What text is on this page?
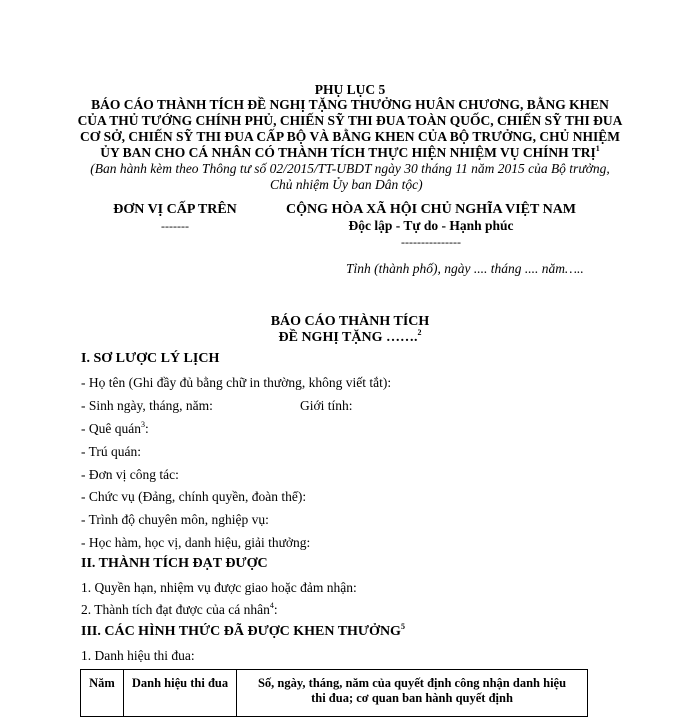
PHỤ LỤC 5
BÁO CÁO THÀNH TÍCH ĐỀ NGHỊ TẶNG THƯỞNG HUÂN CHƯƠNG, BẰNG KHEN
CỦA THỦ TƯỚNG CHÍNH PHỦ, CHIẾN SỸ THI ĐUA TOÀN QUỐC, CHIẾN SỸ THI ĐUA
CƠ SỞ, CHIẾN SỸ THI ĐUA CẤP BỘ VÀ BẰNG KHEN CỦA BỘ TRƯỞNG, CHỦ NHIỆM
ỦY BAN CHO CÁ NHÂN CÓ THÀNH TÍCH THỰC HIỆN NHIỆM VỤ CHÍNH TRỊ$^1$
(Ban hành kèm theo Thông tư số 02/2015/TT-UBDT ngày 30 tháng 11 năm 2015 của Bộ trưởng,
Chủ nhiệm Ủy ban Dân tộc)
ĐƠN VỊ CẤP TRÊN
-------
CỘNG HÒA XÃ HỘI CHỦ NGHĨA VIỆT NAM
Độc lập - Tự do - Hạnh phúc
---------------
Tỉnh (thành phố), ngày .... tháng .... năm…..
BÁO CÁO THÀNH TÍCH
ĐỀ NGHỊ TẶNG …….$^2$
I. SƠ LƯỢC LÝ LỊCH
- Họ tên (Ghi đầy đủ bằng chữ in thường, không viết tắt):
- Sinh ngày, tháng, năm:	Giới tính:
- Quê quán$^3$:
- Trú quán:
- Đơn vị công tác:
- Chức vụ (Đảng, chính quyền, đoàn thể):
- Trình độ chuyên môn, nghiệp vụ:
- Học hàm, học vị, danh hiệu, giải thưởng:
II. THÀNH TÍCH ĐẠT ĐƯỢC
1. Quyền hạn, nhiệm vụ được giao hoặc đảm nhận:
2. Thành tích đạt được của cá nhân$^4$:
III. CÁC HÌNH THỨC ĐÃ ĐƯỢC KHEN THƯỞNG$^5$
1. Danh hiệu thi đua:
Năm	Danh hiệu thi đua	Số, ngày, tháng, năm của quyết định công nhận danh hiệu
thi đua; cơ quan ban hành quyết định
